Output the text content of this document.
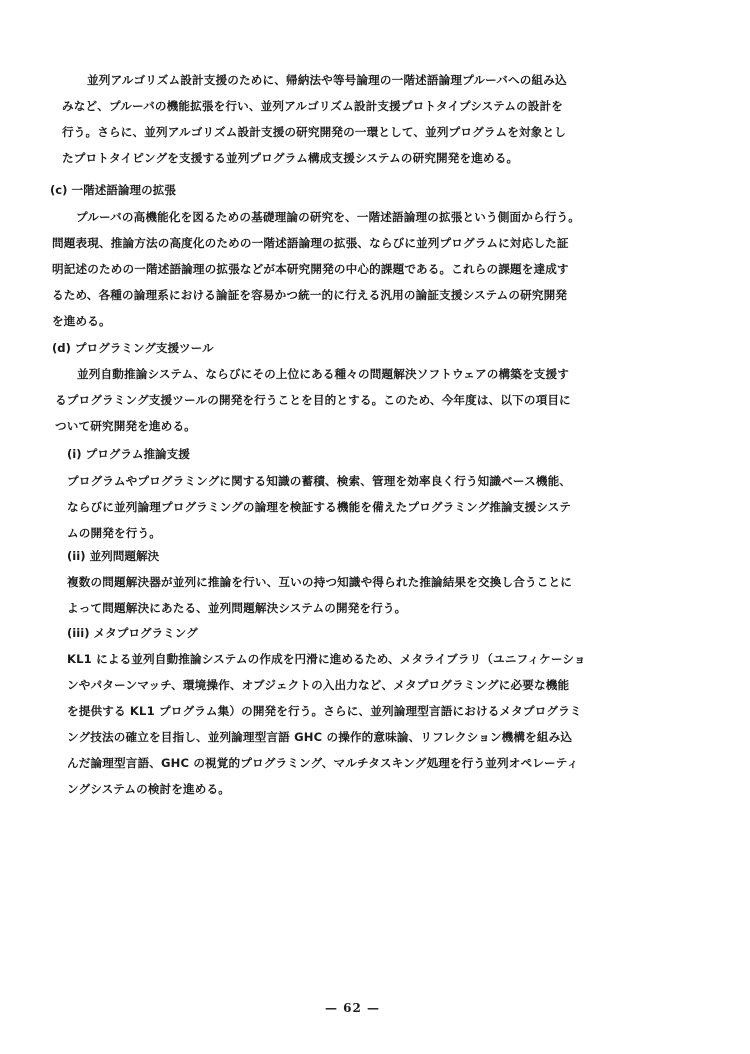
並列アルゴリズム設計支援のために、帰納法や等号論理の一階述語論理プルーバへの組み込
みなど、プルーバの機能拡張を行い、並列アルゴリズム設計支援プロトタイプシステムの設計を
行う。さらに、並列アルゴリズム設計支援の研究開発の一環として、並列プログラムを対象とし
たプロトタイピングを支援する並列プログラム構成支援システムの研究開発を進める。
(c) 一階述語論理の拡張
プルーバの高機能化を図るための基礎理論の研究を、一階述語論理の拡張という側面から行う。
問題表現、推論方法の高度化のための一階述語論理の拡張、ならびに並列プログラムに対応した証
明記述のための一階述語論理の拡張などが本研究開発の中心的課題である。これらの課題を達成す
るため、各種の論理系における論証を容易かつ統一的に行える汎用の論証支援システムの研究開発
を進める。
(d) プログラミング支援ツール
並列自動推論システム、ならびにその上位にある種々の問題解決ソフトウェアの構築を支援す
るプログラミング支援ツールの開発を行うことを目的とする。このため、今年度は、以下の項目に
ついて研究開発を進める。
(i) プログラム推論支援
プログラムやプログラミングに関する知識の蓄積、検索、管理を効率良く行う知識ベース機能、
ならびに並列論理プログラミングの論理を検証する機能を備えたプログラミング推論支援システ
ムの開発を行う。
(ii) 並列問題解決
複数の問題解決器が並列に推論を行い、互いの持つ知識や得られた推論結果を交換し合うことに
よって問題解決にあたる、並列問題解決システムの開発を行う。
(iii) メタプログラミング
KL1 による並列自動推論システムの作成を円滑に進めるため、メタライブラリ（ユニフィケーショ
ンやパターンマッチ、環境操作、オブジェクトの入出力など、メタプログラミングに必要な機能
を提供する KL1 プログラム集）の開発を行う。さらに、並列論理型言語におけるメタプログラミ
ング技法の確立を目指し、並列論理型言語 GHC の操作的意味論、リフレクション機構を組み込
んだ論理型言語、GHC の視覚的プログラミング、マルチタスキング処理を行う並列オペレーティ
ングシステムの検討を進める。
— 62 —
